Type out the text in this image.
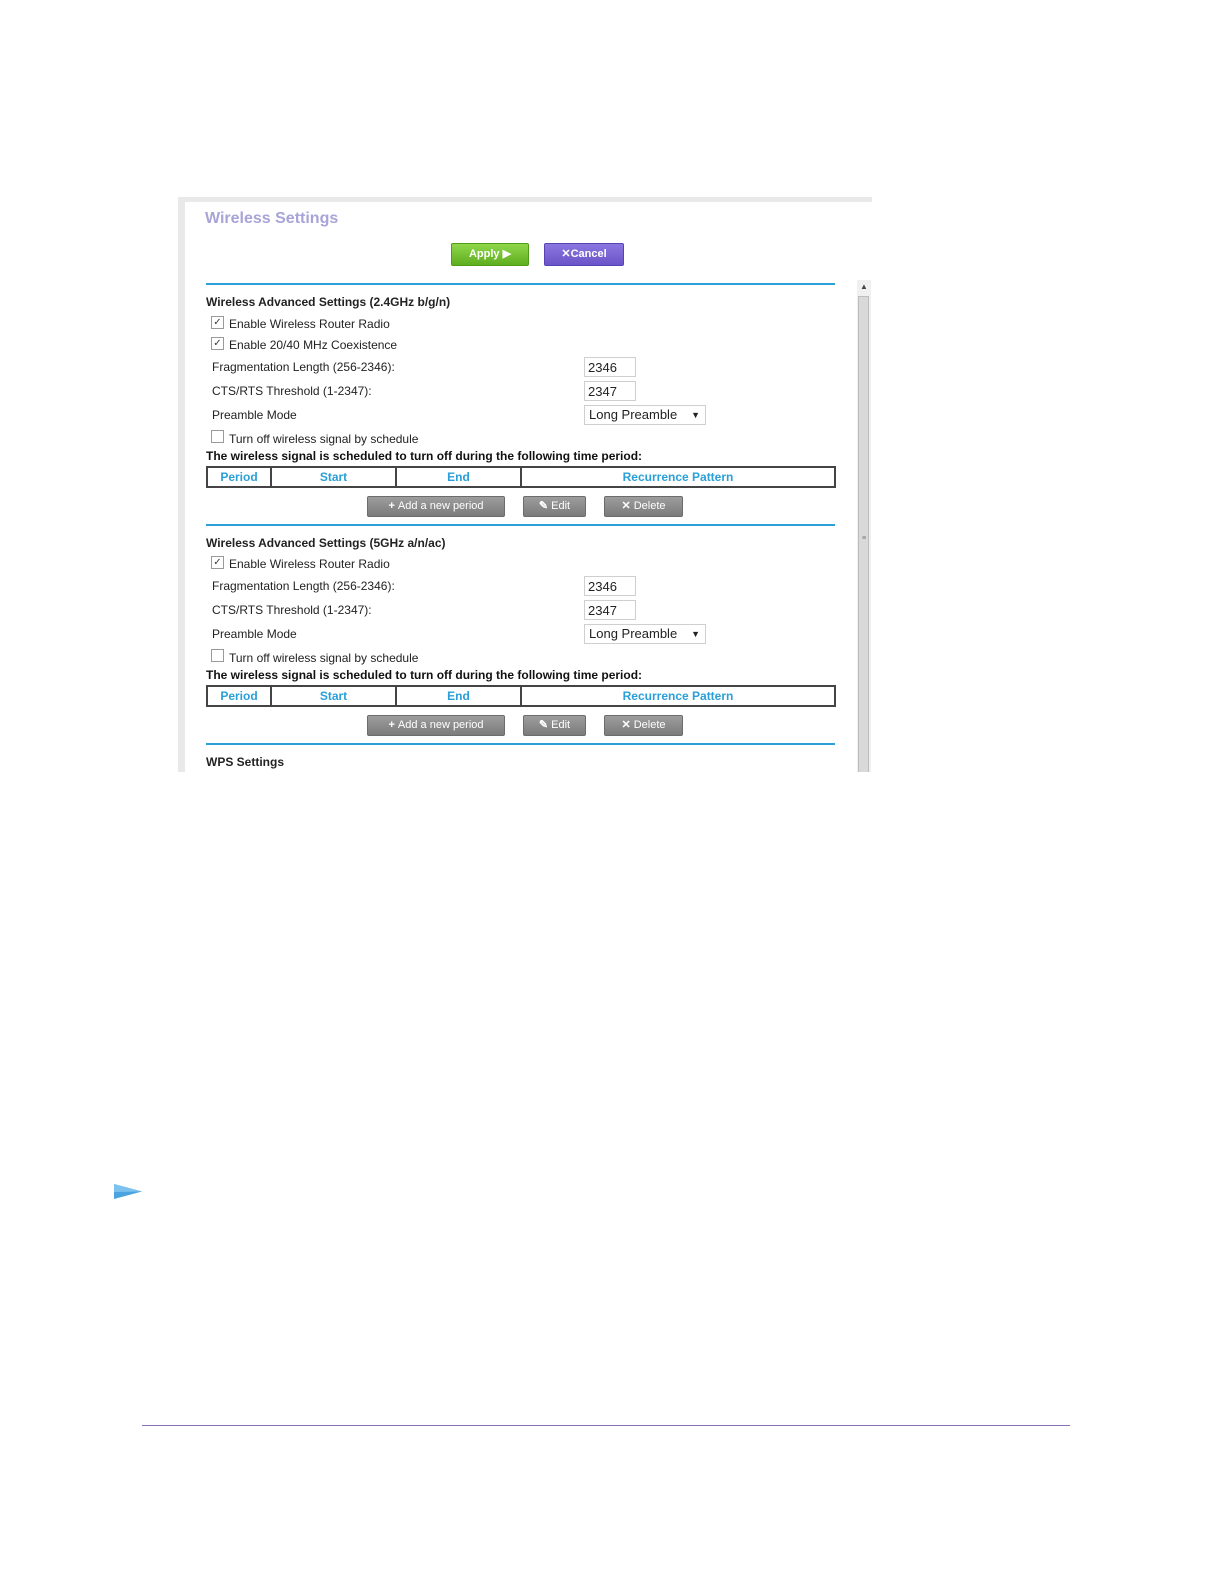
Wireless Settings
Apply ▶	✕Cancel
Wireless Advanced Settings (2.4GHz b/g/n)
✓ Enable Wireless Router Radio
✓ Enable 20/40 MHz Coexistence
Fragmentation Length (256-2346):
2346
CTS/RTS Threshold (1-2347):
2347
Preamble Mode	Long Preamble ▼
Turn off wireless signal by schedule
The wireless signal is scheduled to turn off during the following time period:
Period	Start	End	Recurrence Pattern
+ Add a new period	✎ Edit	✕ Delete
Wireless Advanced Settings (5GHz a/n/ac)
✓ Enable Wireless Router Radio
Fragmentation Length (256-2346):
2346
CTS/RTS Threshold (1-2347):
2347
Preamble Mode	Long Preamble ▼
Turn off wireless signal by schedule
The wireless signal is scheduled to turn off during the following time period:
Period	Start	End	Recurrence Pattern
+ Add a new period	✎ Edit	✕ Delete
WPS Settings
▲
≡
